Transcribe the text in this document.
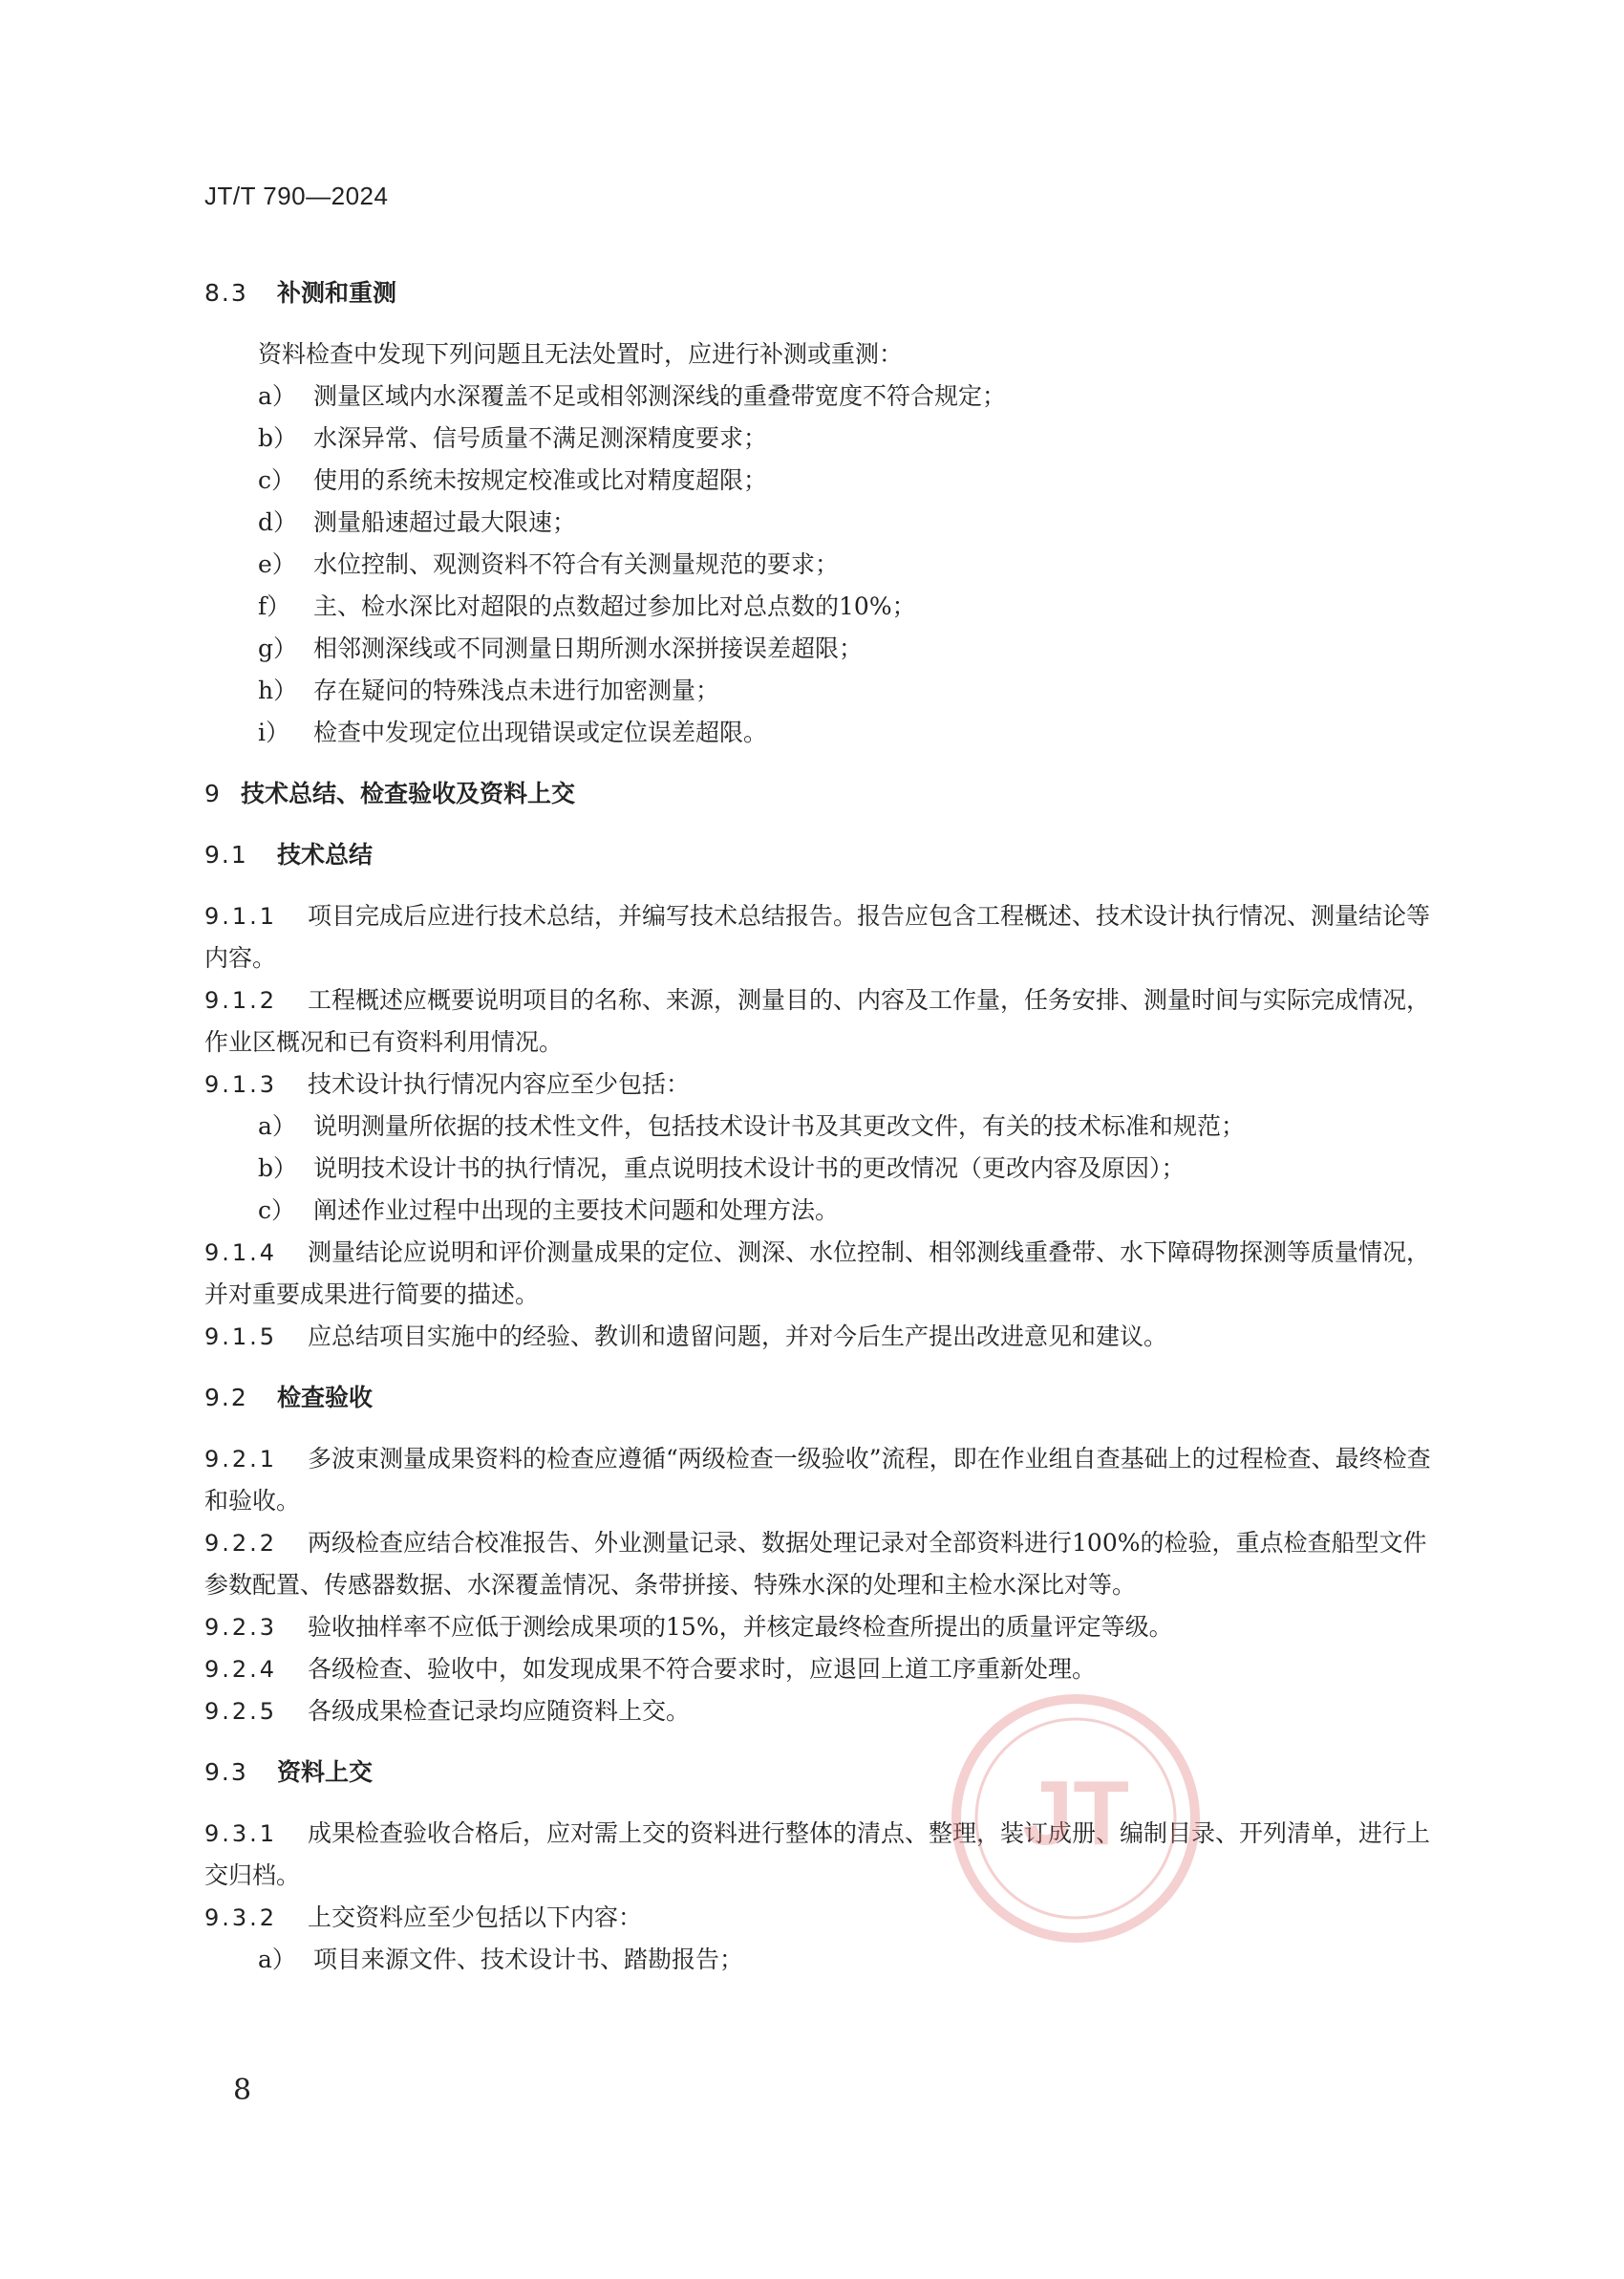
JT/T 790—2024
8.3 补测和重测
资料检查中发现下列问题且无法处置时，应进行补测或重测：
a） 测量区域内水深覆盖不足或相邻测深线的重叠带宽度不符合规定；
b） 水深异常、信号质量不满足测深精度要求；
c） 使用的系统未按规定校准或比对精度超限；
d） 测量船速超过最大限速；
e） 水位控制、观测资料不符合有关测量规范的要求；
f） 主、检水深比对超限的点数超过参加比对总点数的10%；
g） 相邻测深线或不同测量日期所测水深拼接误差超限；
h） 存在疑问的特殊浅点未进行加密测量；
i） 检查中发现定位出现错误或定位误差超限。
9 技术总结、检查验收及资料上交
9.1 技术总结
9.1.1 项目完成后应进行技术总结，并编写技术总结报告。报告应包含工程概述、技术设计执行情况、测量结论等内容。
9.1.2 工程概述应概要说明项目的名称、来源，测量目的、内容及工作量，任务安排、测量时间与实际完成情况，作业区概况和已有资料利用情况。
9.1.3 技术设计执行情况内容应至少包括：
a） 说明测量所依据的技术性文件，包括技术设计书及其更改文件，有关的技术标准和规范；
b） 说明技术设计书的执行情况，重点说明技术设计书的更改情况（更改内容及原因）；
c） 阐述作业过程中出现的主要技术问题和处理方法。
9.1.4 测量结论应说明和评价测量成果的定位、测深、水位控制、相邻测线重叠带、水下障碍物探测等质量情况，并对重要成果进行简要的描述。
9.1.5 应总结项目实施中的经验、教训和遗留问题，并对今后生产提出改进意见和建议。
9.2 检查验收
9.2.1 多波束测量成果资料的检查应遵循“两级检查一级验收”流程，即在作业组自查基础上的过程检查、最终检查和验收。
9.2.2 两级检查应结合校准报告、外业测量记录、数据处理记录对全部资料进行100%的检验，重点检查船型文件参数配置、传感器数据、水深覆盖情况、条带拼接、特殊水深的处理和主检水深比对等。
9.2.3 验收抽样率不应低于测绘成果项的15%，并核定最终检查所提出的质量评定等级。
9.2.4 各级检查、验收中，如发现成果不符合要求时，应退回上道工序重新处理。
9.2.5 各级成果检查记录均应随资料上交。
9.3 资料上交
9.3.1 成果检查验收合格后，应对需上交的资料进行整体的清点、整理，装订成册、编制目录、开列清单，进行上交归档。
9.3.2 上交资料应至少包括以下内容：
a） 项目来源文件、技术设计书、踏勘报告；
JT
8
